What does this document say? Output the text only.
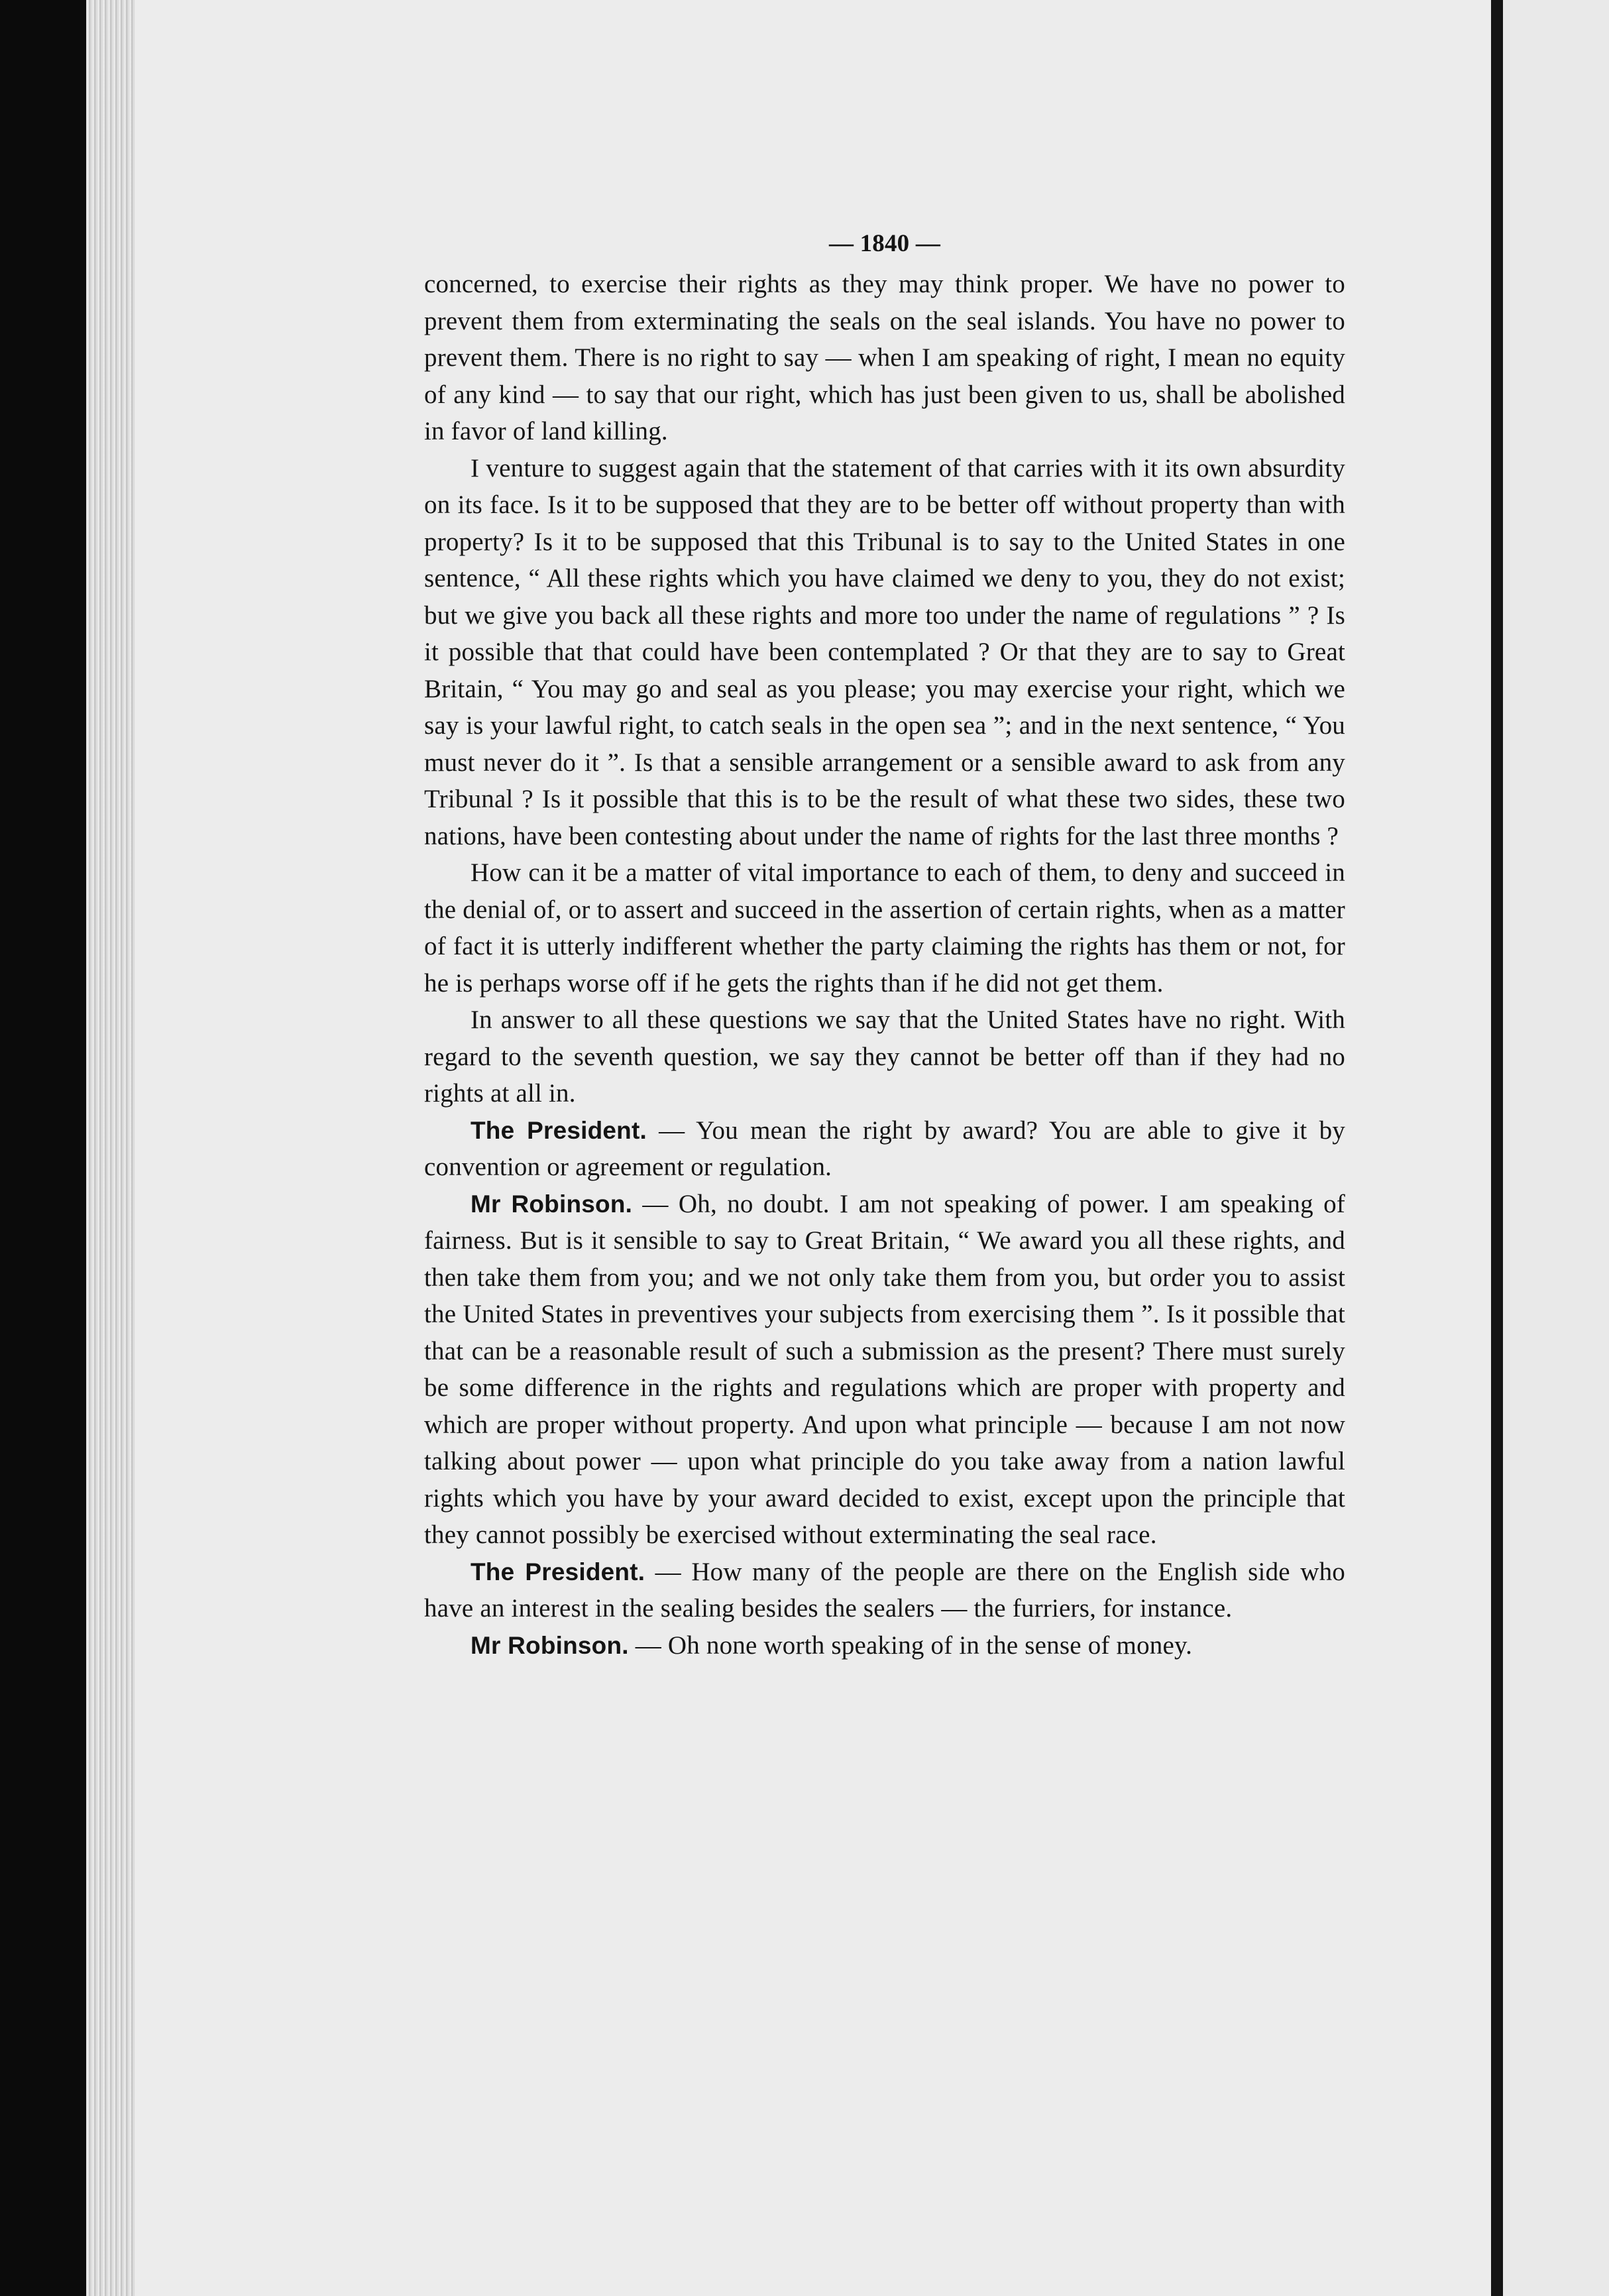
— 1840 —

concerned, to exercise their rights as they may think proper. We have no power to prevent them from exterminating the seals on the seal islands. You have no power to prevent them. There is no right to say — when I am speaking of right, I mean no equity of any kind — to say that our right, which has just been given to us, shall be abolished in favor of land killing.

I venture to suggest again that the statement of that carries with it its own absurdity on its face. Is it to be supposed that they are to be better off without property than with property? Is it to be supposed that this Tribunal is to say to the United States in one sentence, “ All these rights which you have claimed we deny to you, they do not exist; but we give you back all these rights and more too under the name of regulations ” ? Is it possible that that could have been contemplated ? Or that they are to say to Great Britain, “ You may go and seal as you please; you may exercise your right, which we say is your lawful right, to catch seals in the open sea ”; and in the next sentence, “ You must never do it ”. Is that a sensible arrangement or a sensible award to ask from any Tribunal ? Is it possible that this is to be the result of what these two sides, these two nations, have been contesting about under the name of rights for the last three months ?

How can it be a matter of vital importance to each of them, to deny and succeed in the denial of, or to assert and succeed in the assertion of certain rights, when as a matter of fact it is utterly indifferent whether the party claiming the rights has them or not, for he is perhaps worse off if he gets the rights than if he did not get them.

In answer to all these questions we say that the United States have no right. With regard to the seventh question, we say they cannot be better off than if they had no rights at all in.

The President. — You mean the right by award? You are able to give it by convention or agreement or regulation.

Mr Robinson. — Oh, no doubt. I am not speaking of power. I am speaking of fairness. But is it sensible to say to Great Britain, “ We award you all these rights, and then take them from you; and we not only take them from you, but order you to assist the United States in preventives your subjects from exercising them ”. Is it possible that that can be a reasonable result of such a submission as the present? There must surely be some difference in the rights and regulations which are proper with property and which are proper without property. And upon what principle — because I am not now talking about power — upon what principle do you take away from a nation lawful rights which you have by your award decided to exist, except upon the principle that they cannot possibly be exercised without exterminating the seal race.

The President. — How many of the people are there on the English side who have an interest in the sealing besides the sealers — the furriers, for instance.

Mr Robinson. — Oh none worth speaking of in the sense of money.
